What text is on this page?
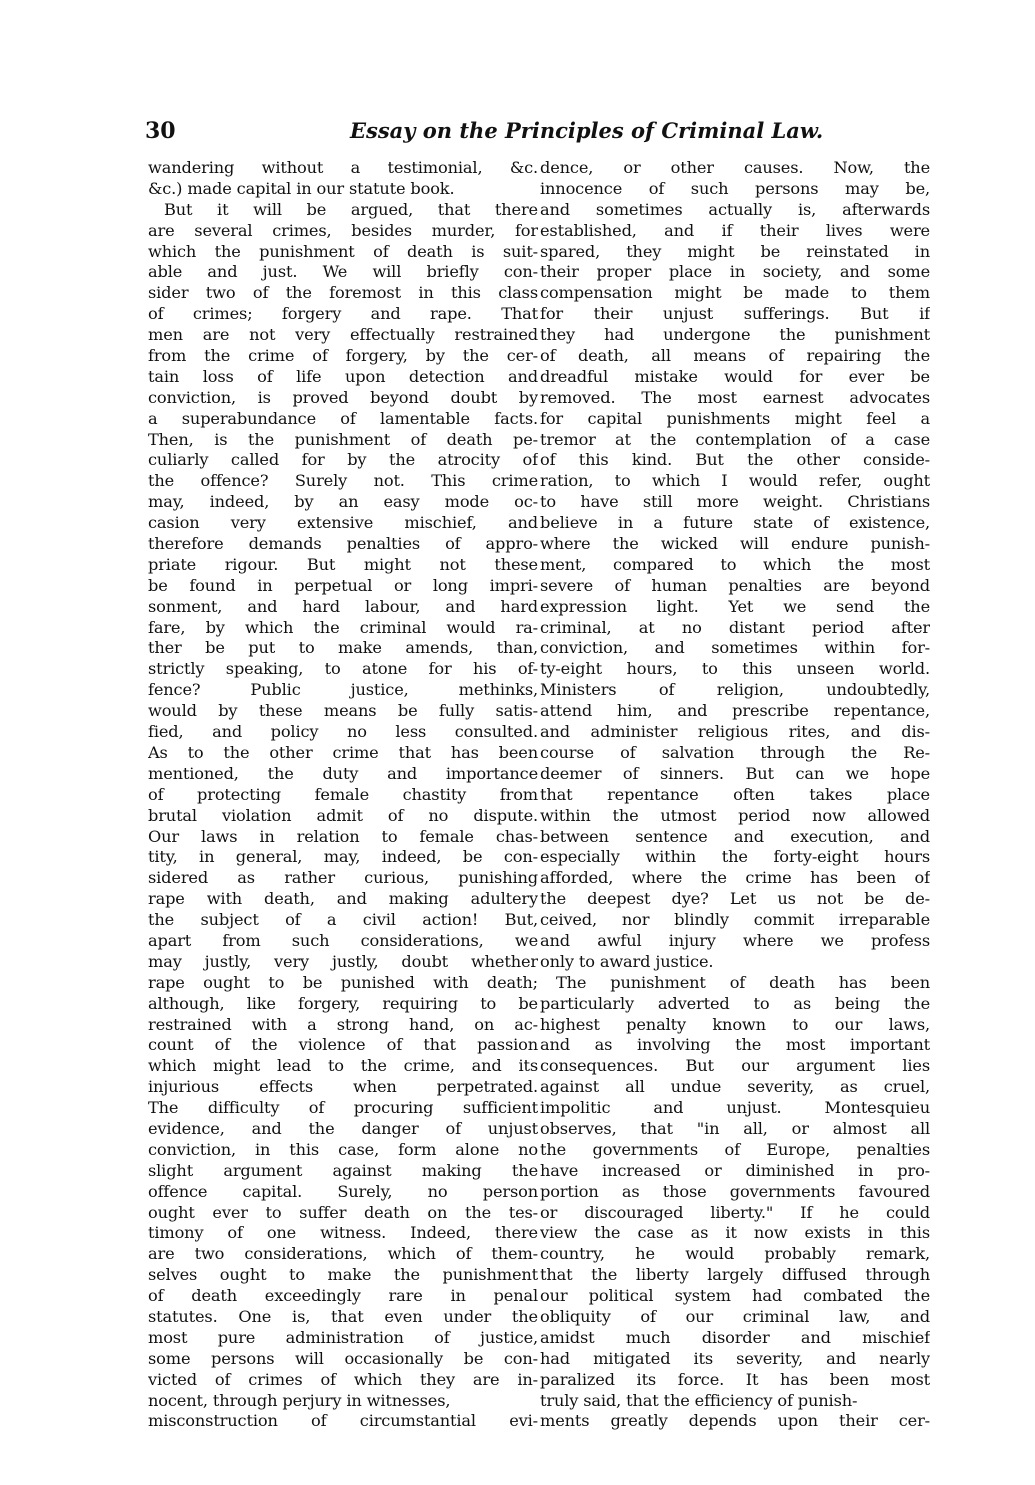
30	Essay on the Principles of Criminal Law.
wandering without a testimonial, &c.
&c.) made capital in our statute book.
But it will be argued, that there
are several crimes, besides murder, for
which the punishment of death is suit-
able and just. We will briefly con-
sider two of the foremost in this class
of crimes; forgery and rape. That
men are not very effectually restrained
from the crime of forgery, by the cer-
tain loss of life upon detection and
conviction, is proved beyond doubt by
a superabundance of lamentable facts.
Then, is the punishment of death pe-
culiarly called for by the atrocity of
the offence? Surely not. This crime
may, indeed, by an easy mode oc-
casion very extensive mischief, and
therefore demands penalties of appro-
priate rigour. But might not these
be found in perpetual or long impri-
sonment, and hard labour, and hard
fare, by which the criminal would ra-
ther be put to make amends, than,
strictly speaking, to atone for his of-
fence? Public justice, methinks,
would by these means be fully satis-
fied, and policy no less consulted.
As to the other crime that has been
mentioned, the duty and importance
of protecting female chastity from
brutal violation admit of no dispute.
Our laws in relation to female chas-
tity, in general, may, indeed, be con-
sidered as rather curious, punishing
rape with death, and making adultery
the subject of a civil action! But,
apart from such considerations, we
may justly, very justly, doubt whether
rape ought to be punished with death;
although, like forgery, requiring to be
restrained with a strong hand, on ac-
count of the violence of that passion
which might lead to the crime, and its
injurious effects when perpetrated.
The difficulty of procuring sufficient
evidence, and the danger of unjust
conviction, in this case, form alone no
slight argument against making the
offence capital. Surely, no person
ought ever to suffer death on the tes-
timony of one witness. Indeed, there
are two considerations, which of them-
selves ought to make the punishment
of death exceedingly rare in penal
statutes. One is, that even under the
most pure administration of justice,
some persons will occasionally be con-
victed of crimes of which they are in-
nocent, through perjury in witnesses,
misconstruction of circumstantial evi-
dence, or other causes. Now, the
innocence of such persons may be,
and sometimes actually is, afterwards
established, and if their lives were
spared, they might be reinstated in
their proper place in society, and some
compensation might be made to them
for their unjust sufferings. But if
they had undergone the punishment
of death, all means of repairing the
dreadful mistake would for ever be
removed. The most earnest advocates
for capital punishments might feel a
tremor at the contemplation of a case
of this kind. But the other conside-
ration, to which I would refer, ought
to have still more weight. Christians
believe in a future state of existence,
where the wicked will endure punish-
ment, compared to which the most
severe of human penalties are beyond
expression light. Yet we send the
criminal, at no distant period after
conviction, and sometimes within for-
ty-eight hours, to this unseen world.
Ministers of religion, undoubtedly,
attend him, and prescribe repentance,
and administer religious rites, and dis-
course of salvation through the Re-
deemer of sinners. But can we hope
that repentance often takes place
within the utmost period now allowed
between sentence and execution, and
especially within the forty-eight hours
afforded, where the crime has been of
the deepest dye? Let us not be de-
ceived, nor blindly commit irreparable
and awful injury where we profess
only to award justice.
The punishment of death has been
particularly adverted to as being the
highest penalty known to our laws,
and as involving the most important
consequences. But our argument lies
against all undue severity, as cruel,
impolitic and unjust. Montesquieu
observes, that "in all, or almost all
the governments of Europe, penalties
have increased or diminished in pro-
portion as those governments favoured
or discouraged liberty." If he could
view the case as it now exists in this
country, he would probably remark,
that the liberty largely diffused through
our political system had combated the
obliquity of our criminal law, and
amidst much disorder and mischief
had mitigated its severity, and nearly
paralized its force. It has been most
truly said, that the efficiency of punish-
ments greatly depends upon their cer-
